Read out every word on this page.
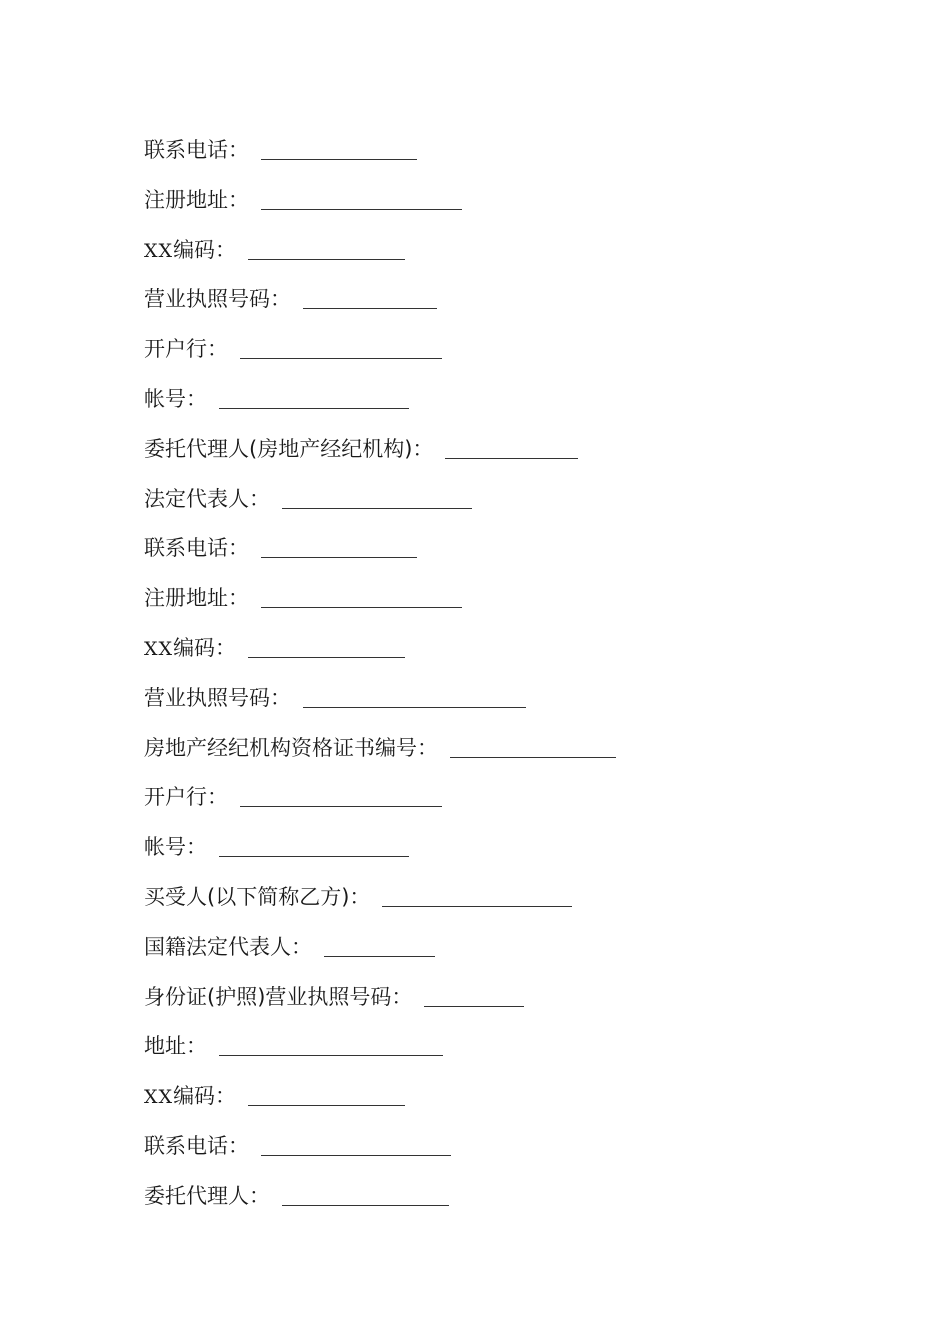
联系电话：
注册地址：
XX编码：
营业执照号码：
开户行：
帐号：
委托代理人(房地产经纪机构)：
法定代表人：
联系电话：
注册地址：
XX编码：
营业执照号码：
房地产经纪机构资格证书编号：
开户行：
帐号：
买受人(以下简称乙方)：
国籍法定代表人：
身份证(护照)营业执照号码：
地址：
XX编码：
联系电话：
委托代理人：
